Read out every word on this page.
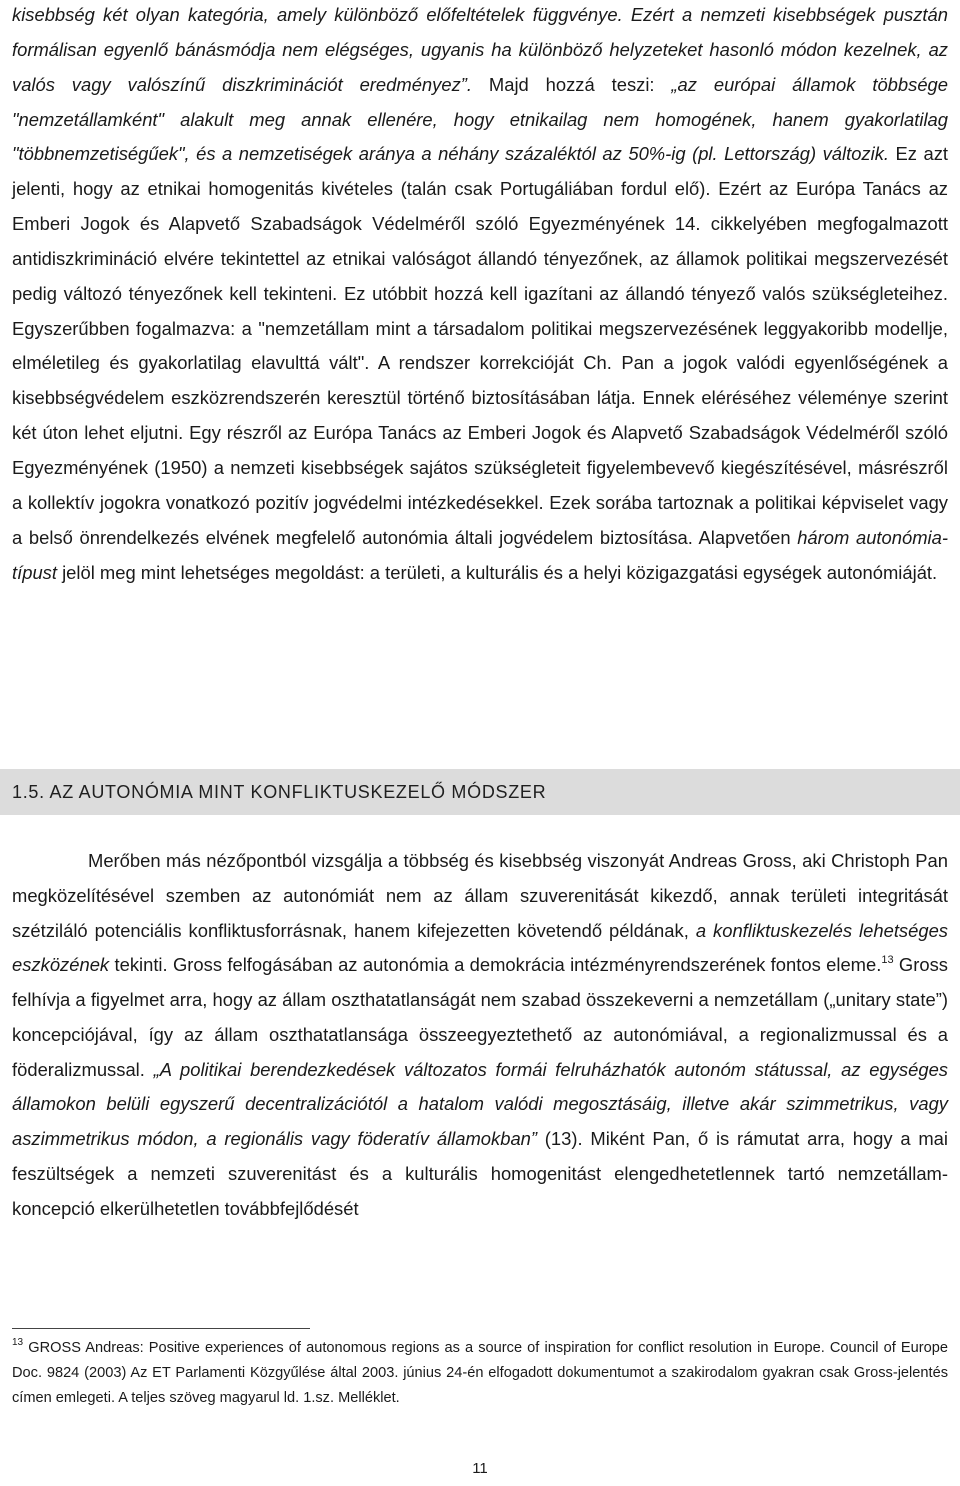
kisebbség két olyan kategória, amely különböző előfeltételek függvénye. Ezért a nemzeti kisebbségek pusztán formálisan egyenlő bánásmódja nem elégséges, ugyanis ha különböző helyzeteket hasonló módon kezelnek, az valós vagy valószínű diszkriminációt eredményez”. Majd hozzá teszi: „az európai államok többsége "nemzetállamként" alakult meg annak ellenére, hogy etnikailag nem homogének, hanem gyakorlatilag "többnemzetiségűek", és a nemzetiségek aránya a néhány százaléktól az 50%-ig (pl. Lettország) változik. Ez azt jelenti, hogy az etnikai homogenitás kivételes (talán csak Portugáliában fordul elő). Ezért az Európa Tanács az Emberi Jogok és Alapvető Szabadságok Védelméről szóló Egyezményének 14. cikkelyében megfogalmazott antidiszkrimináció elvére tekintettel az etnikai valóságot állandó tényezőnek, az államok politikai megszervezését pedig változó tényezőnek kell tekinteni. Ez utóbbit hozzá kell igazítani az állandó tényező valós szükségleteihez. Egyszerűbben fogalmazva: a "nemzetállam mint a társadalom politikai megszervezésének leggyakoribb modellje, elméletileg és gyakorlatilag elavulttá vált". A rendszer korrekcióját Ch. Pan a jogok valódi egyenlőségének a kisebbségvédelem eszközrendszerén keresztül történő biztosításában látja. Ennek eléréséhez véleménye szerint két úton lehet eljutni. Egy részről az Európa Tanács az Emberi Jogok és Alapvető Szabadságok Védelméről szóló Egyezményének (1950) a nemzeti kisebbségek sajátos szükségleteit figyelembevevő kiegészítésével, másrészről a kollektív jogokra vonatkozó pozitív jogvédelmi intézkedésekkel. Ezek sorába tartoznak a politikai képviselet vagy a belső önrendelkezés elvének megfelelő autonómia általi jogvédelem biztosítása. Alapvetően három autonómia-típust jelöl meg mint lehetséges megoldást: a területi, a kulturális és a helyi közigazgatási egységek autonómiáját.

1.5. AZ AUTONÓMIA MINT KONFLIKTUSKEZELŐ MÓDSZER

Merőben más nézőpontból vizsgálja a többség és kisebbség viszonyát Andreas Gross, aki Christoph Pan megközelítésével szemben az autonómiát nem az állam szuverenitását kikezdő, annak területi integritását szétziláló potenciális konfliktusforrásnak, hanem kifejezetten követendő példának, a konfliktuskezelés lehetséges eszközének tekinti. Gross felfogásában az autonómia a demokrácia intézményrendszerének fontos eleme.$^{13}$ Gross felhívja a figyelmet arra, hogy az állam oszthatatlanságát nem szabad összekeverni a nemzetállam („unitary state”) koncepciójával, így az állam oszthatatlansága összeegyeztethető az autonómiával, a regionalizmussal és a föderalizmussal. „A politikai berendezkedések változatos formái felruházhatók autonóm státussal, az egységes államokon belüli egyszerű decentralizációtól a hatalom valódi megosztásáig, illetve akár szimmetrikus, vagy aszimmetrikus módon, a regionális vagy föderatív államokban” (13). Miként Pan, ő is rámutat arra, hogy a mai feszültségek a nemzeti szuverenitást és a kulturális homogenitást elengedhetetlennek tartó nemzetállam-koncepció elkerülhetetlen továbbfejlődését

$^{13}$ GROSS Andreas: Positive experiences of autonomous regions as a source of inspiration for conflict resolution in Europe. Council of Europe Doc. 9824 (2003) Az ET Parlamenti Közgyűlése által 2003. június 24-én elfogadott dokumentumot a szakirodalom gyakran csak Gross-jelentés címen emlegeti. A teljes szöveg magyarul ld. 1.sz. Melléklet.

11
